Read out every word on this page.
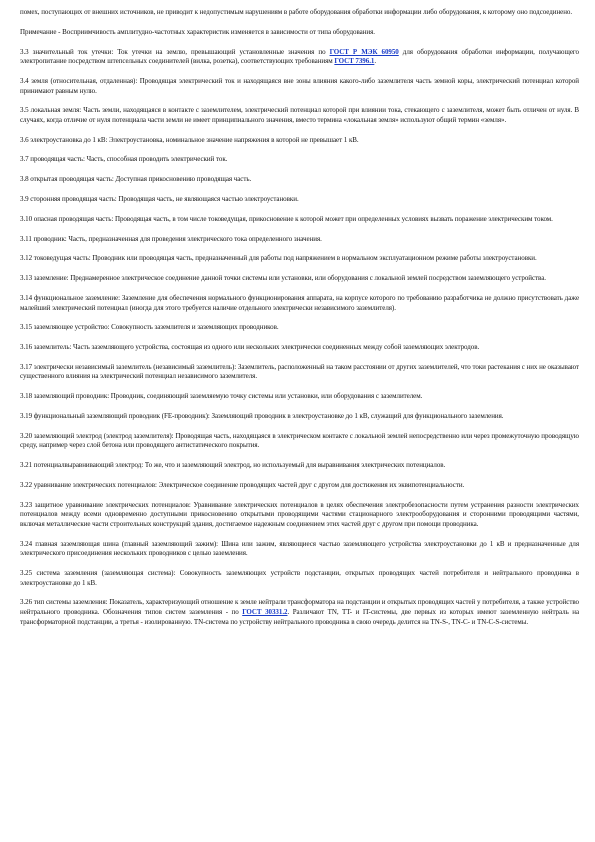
помех, поступающих от внешних источников, не приводит к недопустимым нарушениям в работе оборудования обработки информации либо оборудования, к которому оно подсоединено.

Примечание - Восприимчивость амплитудно-частотных характеристик изменяется в зависимости от типа оборудования.

3.3 значительный ток утечки: Ток утечки на землю, превышающий установленные значения по ГОСТ Р МЭК 60950 для оборудования обработки информации, получающего электропитание посредством штепсельных соединителей (вилка, розетка), соответствующих требованиям ГОСТ 7396.1.

3.4 земля (относительная, отдаленная): Проводящая электрический ток и находящаяся вне зоны влияния какого-либо заземлителя часть земной коры, электрический потенциал которой принимают равным нулю.

3.5 локальная земля: Часть земли, находящаяся в контакте с заземлителем, электрический потенциал которой при влиянии тока, стекающего с заземлителя, может быть отличен от нуля. В случаях, когда отличие от нуля потенциала части земли не имеет принципиального значения, вместо термина «локальная земля» используют общий термин «земля».

3.6 электроустановка до 1 кВ: Электроустановка, номинальное значение напряжения в которой не превышает 1 кВ.

3.7 проводящая часть: Часть, способная проводить электрический ток.

3.8 открытая проводящая часть: Доступная прикосновению проводящая часть.

3.9 сторонняя проводящая часть: Проводящая часть, не являющаяся частью электроустановки.

3.10 опасная проводящая часть: Проводящая часть, в том числе токоведущая, прикосновение к которой может при определенных условиях вызвать поражение электрическим током.

3.11 проводник: Часть, предназначенная для проведения электрического тока определенного значения.

3.12 токоведущая часть: Проводник или проводящая часть, предназначенный для работы под напряжением в нормальном эксплуатационном режиме работы электроустановки.

3.13 заземление: Преднамеренное электрическое соединение данной точки системы или установки, или оборудования с локальной землей посредством заземляющего устройства.

3.14 функциональное заземление: Заземление для обеспечения нормального функционирования аппарата, на корпусе которого по требованию разработчика не должно присутствовать даже малейший электрический потенциал (иногда для этого требуется наличие отдельного электрически независимого заземлителя).

3.15 заземляющее устройство: Совокупность заземлителя и заземляющих проводников.

3.16 заземлитель: Часть заземляющего устройства, состоящая из одного или нескольких электрически соединенных между собой заземляющих электродов.

3.17 электрически независимый заземлитель (независимый заземлитель): Заземлитель, расположенный на таком расстоянии от других заземлителей, что токи растекания с них не оказывают существенного влияния на электрический потенциал независимого заземлителя.

3.18 заземляющий проводник: Проводник, соединяющий заземляемую точку системы или установки, или оборудования с заземлителем.

3.19 функциональный заземляющий проводник (FE-проводник): Заземляющий проводник в электроустановке до 1 кВ, служащий для функционального заземления.

3.20 заземляющий электрод (электрод заземлителя): Проводящая часть, находящаяся в электрическом контакте с локальной землей непосредственно или через промежуточную проводящую среду, например через слой бетона или проводящего антистатического покрытия.

3.21 потенциалвыравнивающий электрод: То же, что и заземляющий электрод, но используемый для выравнивания электрических потенциалов.

3.22 уравнивание электрических потенциалов: Электрическое соединение проводящих частей друг с другом для достижения их эквипотенциальности.

3.23 защитное уравнивание электрических потенциалов: Уравнивание электрических потенциалов в целях обеспечения электробезопасности путем устранения разности электрических потенциалов между всеми одновременно доступными прикосновению открытыми проводящими частями стационарного электрооборудования и сторонними проводящими частями, включая металлические части строительных конструкций здания, достигаемое надежным соединением этих частей друг с другом при помощи проводника.

3.24 главная заземляющая шина (главный заземляющий зажим): Шина или зажим, являющиеся частью заземляющего устройства электроустановки до 1 кВ и предназначенные для электрического присоединения нескольких проводников с целью заземления.

3.25 система заземления (заземляющая система): Совокупность заземляющих устройств подстанции, открытых проводящих частей потребителя и нейтрального проводника в электроустановке до 1 кВ.

3.26 тип системы заземления: Показатель, характеризующий отношение к земле нейтрали трансформатора на подстанции и открытых проводящих частей у потребителя, а также устройство нейтрального проводника. Обозначения типов систем заземления - по ГОСТ 30331.2. Различают TN, TT- и IT-системы, две первых из которых имеют заземленную нейтраль на трансформаторной подстанции, а третья - изолированную. TN-система по устройству нейтрального проводника в свою очередь делится на TN-S-, TN-C- и TN-C-S-системы.
